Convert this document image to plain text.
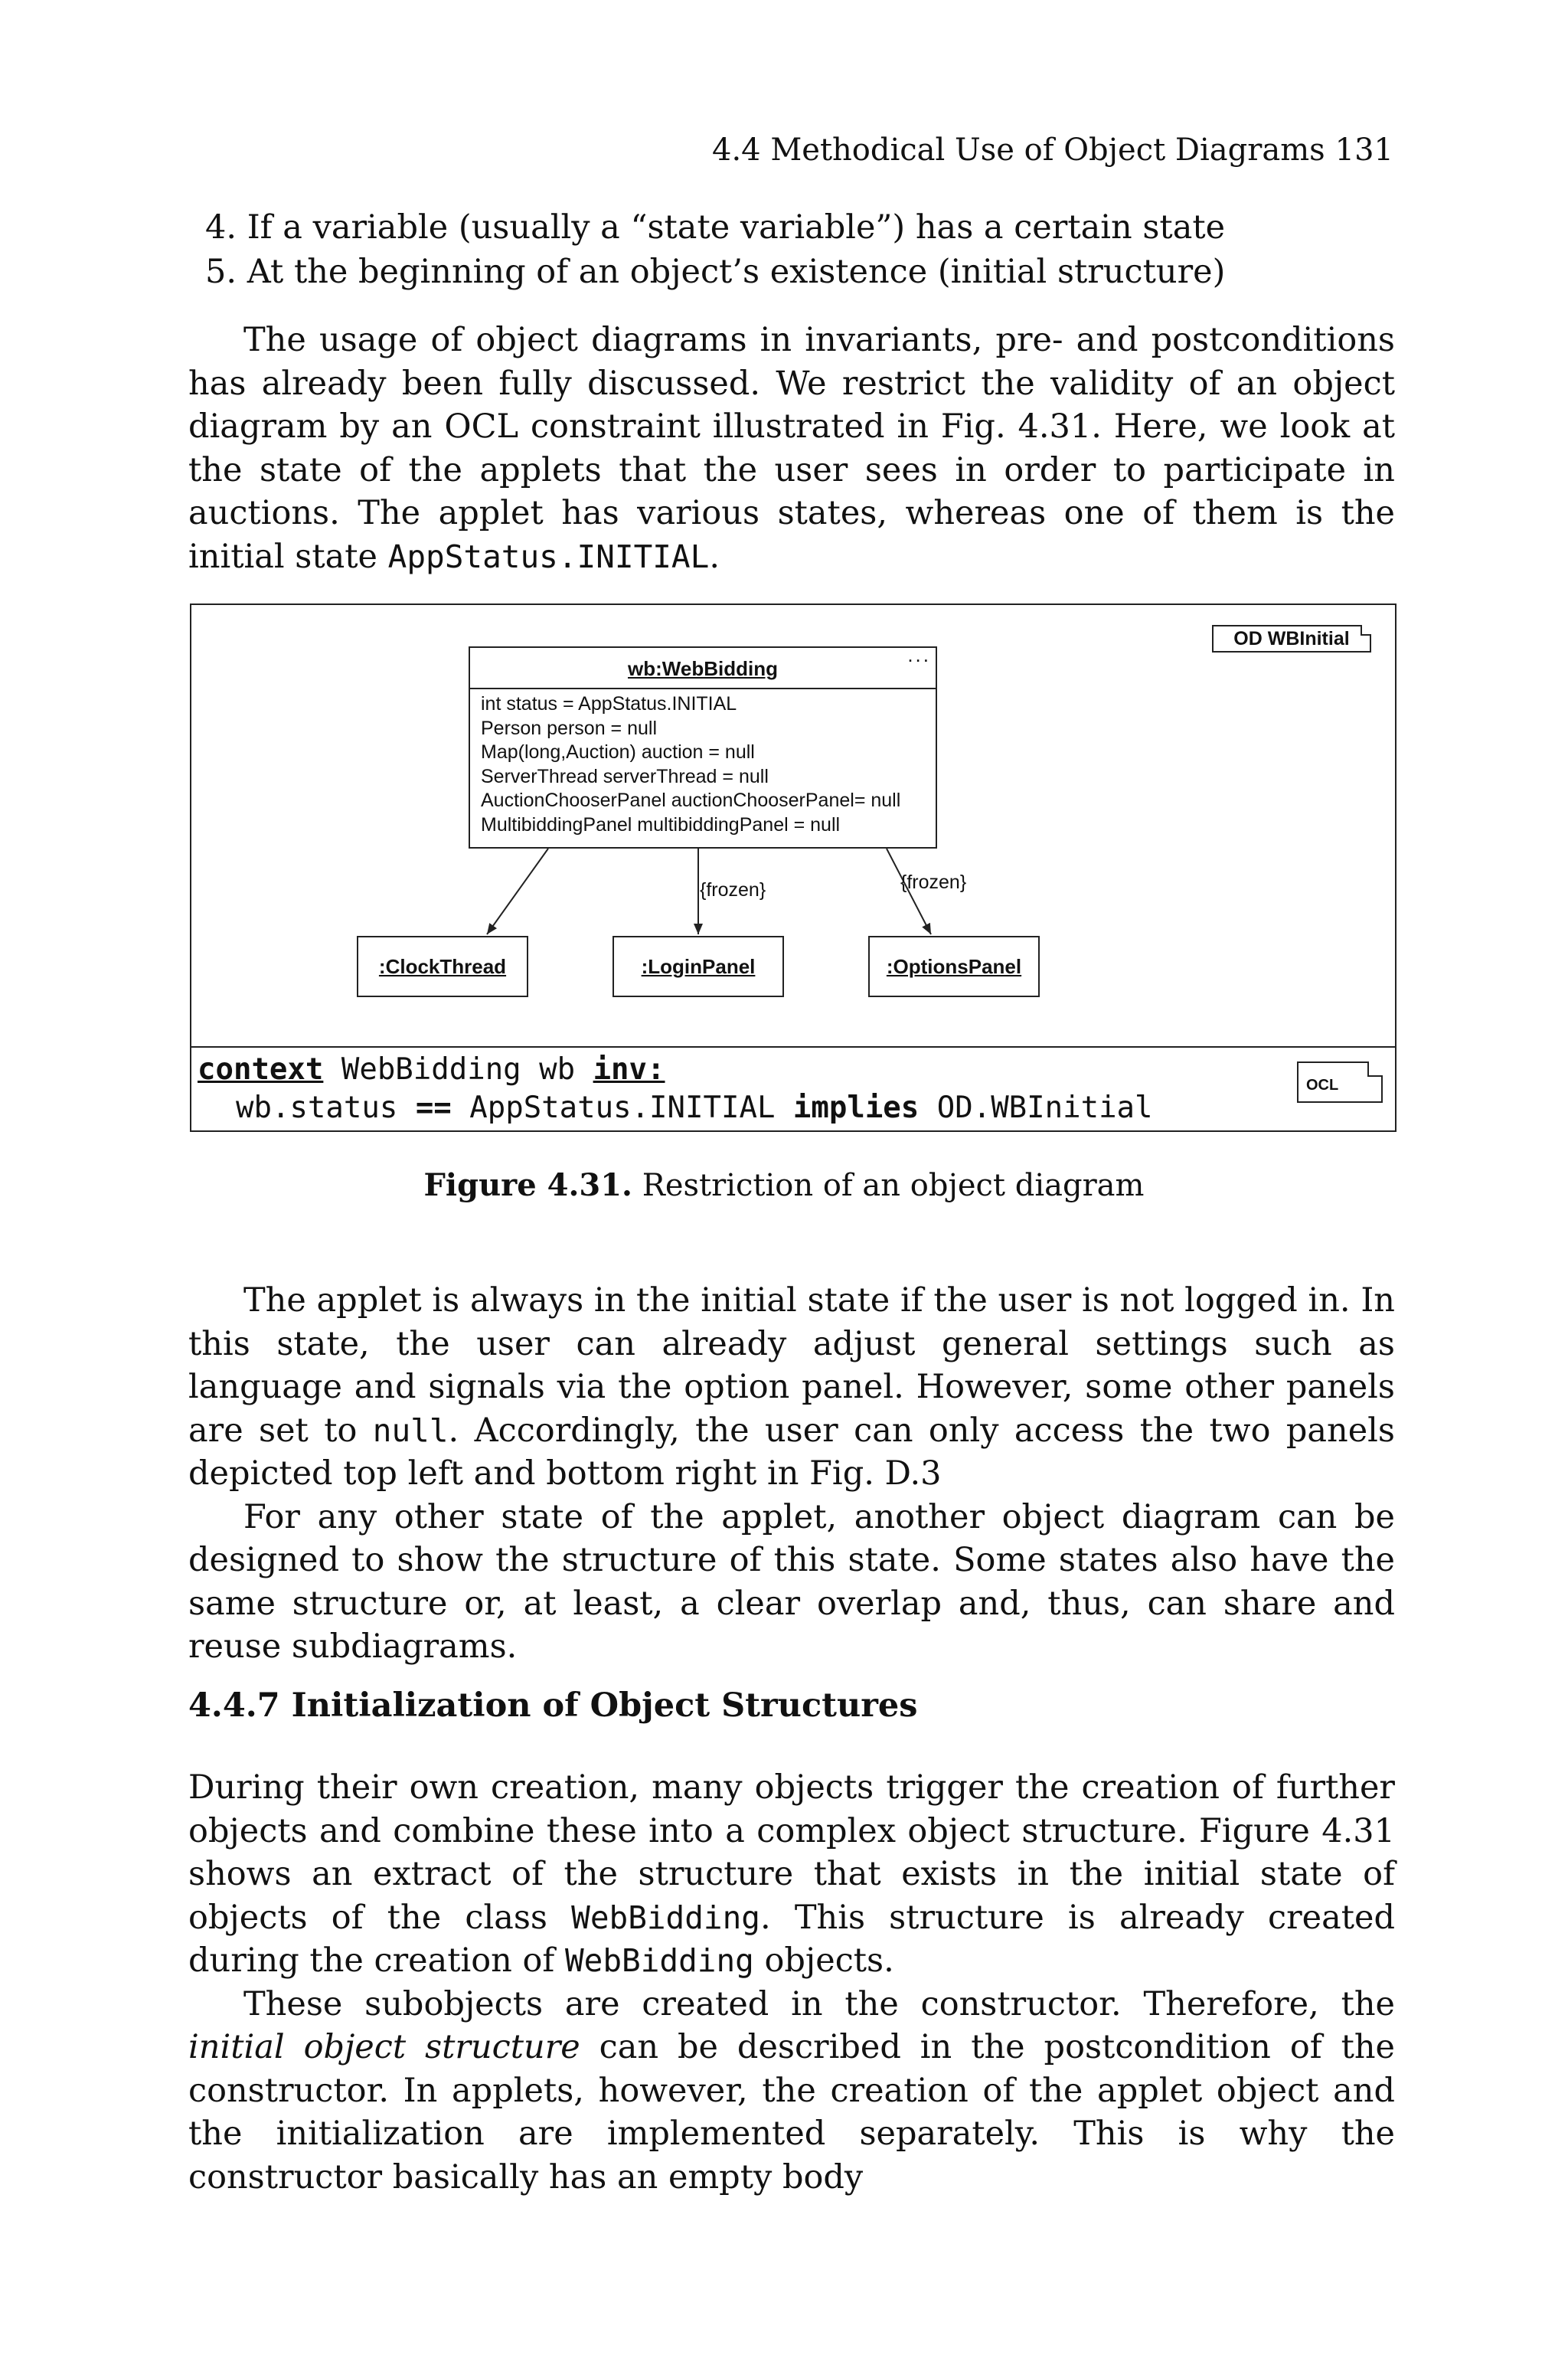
4.4 Methodical Use of Object Diagrams 131
4. If a variable (usually a “state variable”) has a certain state
5. At the beginning of an object’s existence (initial structure)

The usage of object diagrams in invariants, pre- and postconditions has already been fully discussed. We restrict the validity of an object diagram by an OCL constraint illustrated in Fig. 4.31. Here, we look at the state of the applets that the user sees in order to participate in auctions. The applet has various states, whereas one of them is the initial state AppStatus.INITIAL.

OD WBInitial
wb:WebBidding
...
int status = AppStatus.INITIAL
Person person = null
Map(long,Auction) auction = null
ServerThread serverThread = null
AuctionChooserPanel auctionChooserPanel= null
MultibiddingPanel multibiddingPanel = null
{frozen}	{frozen}
:ClockThread	:LoginPanel	:OptionsPanel
context WebBidding wb inv:
wb.status == AppStatus.INITIAL implies OD.WBInitial
OCL
Figure 4.31. Restriction of an object diagram

The applet is always in the initial state if the user is not logged in. In this state, the user can already adjust general settings such as language and signals via the option panel. However, some other panels are set to null. Accordingly, the user can only access the two panels depicted top left and bottom right in Fig. D.3

For any other state of the applet, another object diagram can be designed to show the structure of this state. Some states also have the same structure or, at least, a clear overlap and, thus, can share and reuse subdiagrams.

4.4.7 Initialization of Object Structures

During their own creation, many objects trigger the creation of further objects and combine these into a complex object structure. Figure 4.31 shows an extract of the structure that exists in the initial state of objects of the class WebBidding. This structure is already created during the creation of WebBidding objects.

These subobjects are created in the constructor. Therefore, the initial object structure can be described in the postcondition of the constructor. In applets, however, the creation of the applet object and the initialization are implemented separately. This is why the constructor basically has an empty body
